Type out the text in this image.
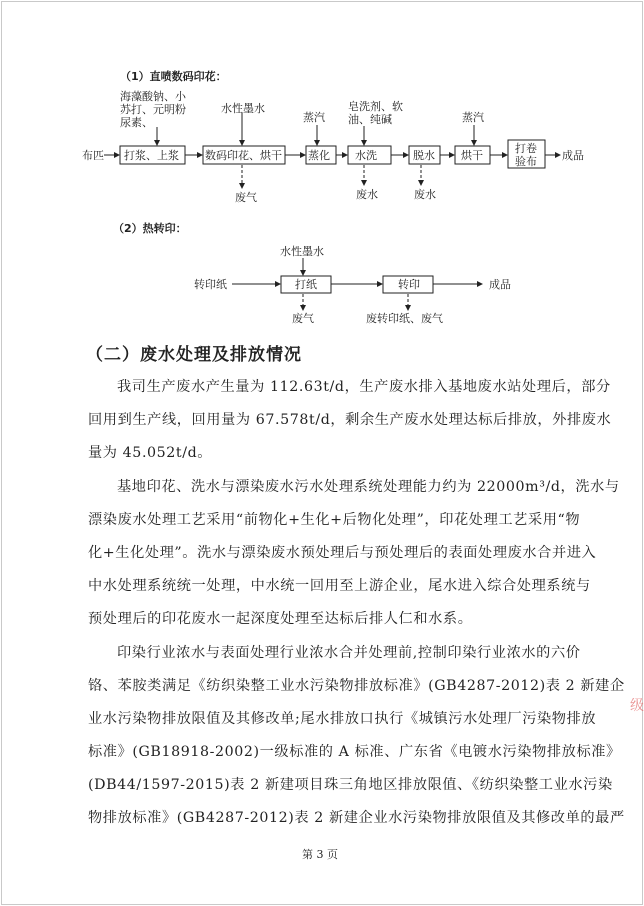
（1）直喷数码印花：
海藻酸钠、小
苏打、元明粉
尿素、
水性墨水
蒸汽
皂洗剂、软
油、纯碱	蒸汽
布匹 打浆、上浆 数码印花、烘干 蒸化 水洗	脱水 烘干
打卷
验布 成品
废气	废水	废水
（2）热转印：
水性墨水
转印纸	打纸	转印	成品
废气	废转印纸、废气
（二）废水处理及排放情况
我司生产废水产生量为 112.63t/d，生产废水排入基地废水站处理后，部分
回用到生产线，回用量为 67.578t/d，剩余生产废水处理达标后排放，外排废水
量为 45.052t/d。
基地印花、洗水与漂染废水污水处理系统处理能力约为 22000m³/d，洗水与
漂染废水处理工艺采用“前物化+生化+后物化处理”，印花处理工艺采用“物
化+生化处理”。洗水与漂染废水预处理后与预处理后的表面处理废水合并进入
中水处理系统统一处理，中水统一回用至上游企业，尾水进入综合处理系统与
预处理后的印花废水一起深度处理至达标后排人仁和水系。
印染行业浓水与表面处理行业浓水合并处理前,控制印染行业浓水的六价
铬、苯胺类满足《纺织染整工业水污染物排放标准》(GB4287-2012)表 2 新建企
业水污染物排放限值及其修改单;尾水排放口执行《城镇污水处理厂污染物排放
标准》(GB18918-2002)一级标准的 A 标准、广东省《电镀水污染物排放标准》
(DB44/1597-2015)表 2 新建项目珠三角地区排放限值、《纺织染整工业水污染
物排放标准》(GB4287-2012)表 2 新建企业水污染物排放限值及其修改单的最严
级
第 3 页
